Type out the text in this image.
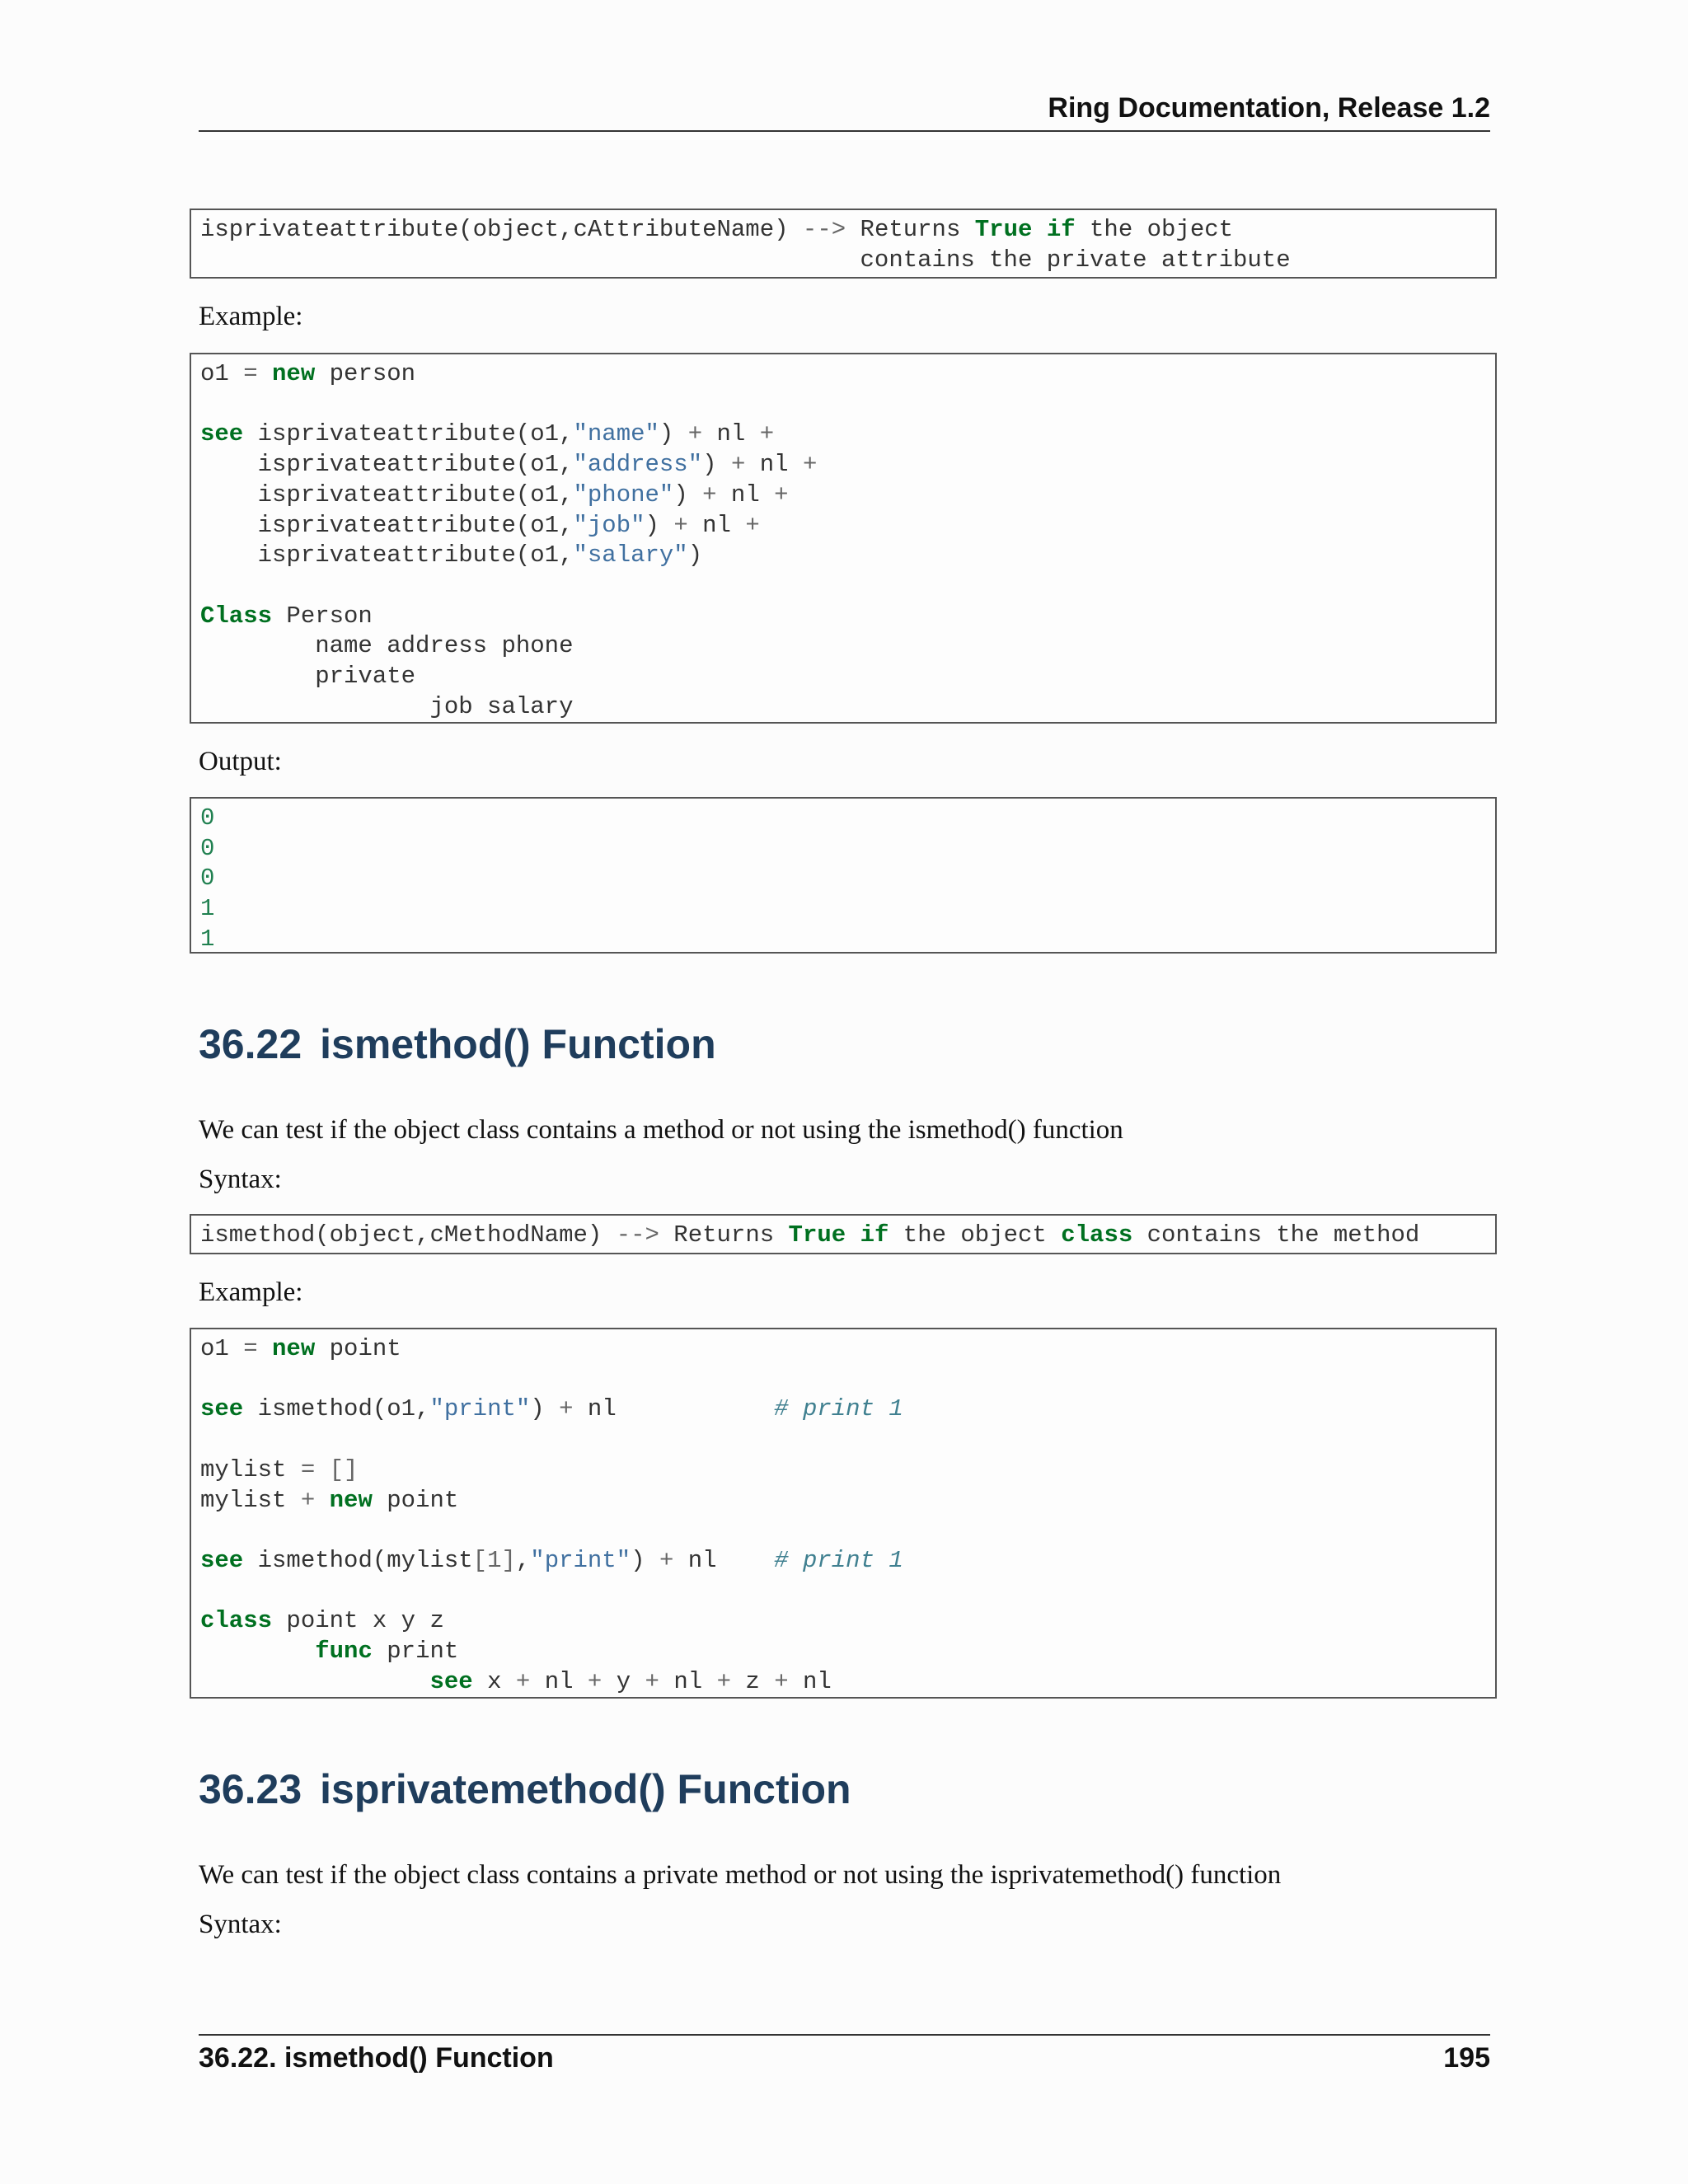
Ring Documentation, Release 1.2
isprivateattribute(object,cAttributeName) --> Returns True if the object
contains the private attribute
Example:
o1 = new person

see isprivateattribute(o1,"name") + nl +
isprivateattribute(o1,"address") + nl +
isprivateattribute(o1,"phone") + nl +
isprivateattribute(o1,"job") + nl +
isprivateattribute(o1,"salary")

Class Person
name address phone
private
job salary
Output:
0
0
0
1
1
36.22 ismethod() Function
We can test if the object class contains a method or not using the ismethod() function
Syntax:
ismethod(object,cMethodName) --> Returns True if the object class contains the method
Example:
o1 = new point

see ismethod(o1,"print") + nl           # print 1

mylist = []
mylist + new point

see ismethod(mylist[1],"print") + nl    # print 1

class point x y z
func print
see x + nl + y + nl + z + nl
36.23 isprivatemethod() Function
We can test if the object class contains a private method or not using the isprivatemethod() function
Syntax:
36.22. ismethod() Function	195
